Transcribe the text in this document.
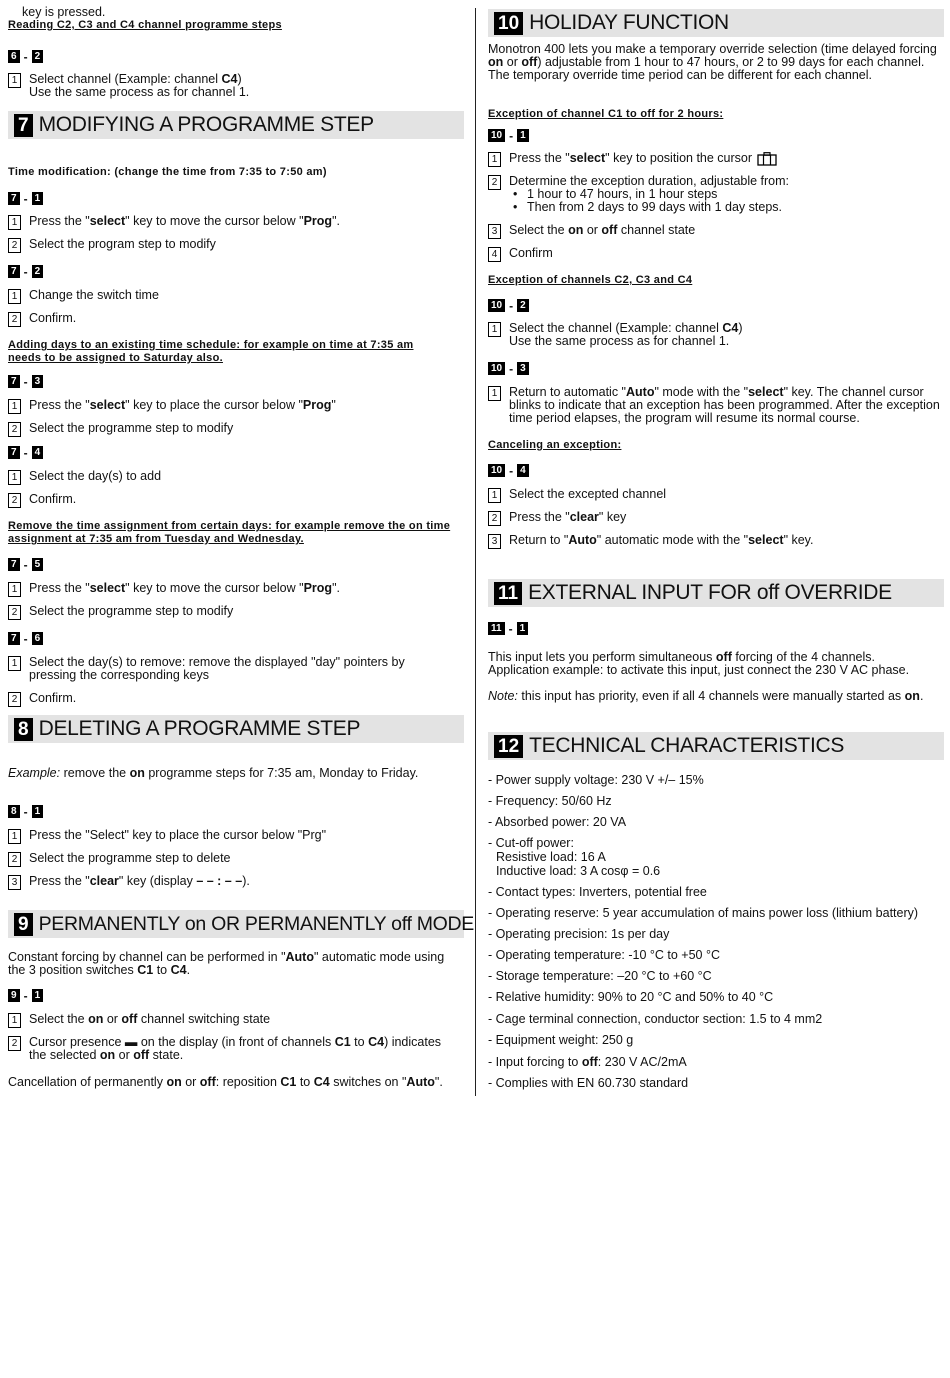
key is pressed.
Reading C2, C3 and C4 channel programme steps
6 - 2
1 Select channel (Example: channel C4)
Use the same process as for channel 1.
7 MODIFYING A PROGRAMME STEP
Time modification: (change the time from 7:35 to 7:50 am)
7 - 1
1 Press the "select" key to move the cursor below "Prog".
2 Select the program step to modify
7 - 2
1 Change the switch time
2 Confirm.
Adding days to an existing time schedule: for example on time at 7:35 am needs to be assigned to Saturday also.
7 - 3
1 Press the "select" key to place the cursor below "Prog"
2 Select the programme step to modify
7 - 4
1 Select the day(s) to add
2 Confirm.
Remove the time assignment from certain days: for example remove the on time assignment at 7:35 am from Tuesday and Wednesday.
7 - 5
1 Press the "select" key to move the cursor below "Prog".
2 Select the programme step to modify
7 - 6
1 Select the day(s) to remove: remove the displayed "day" pointers by pressing the corresponding keys
2 Confirm.
8 DELETING A PROGRAMME STEP
Example: remove the on programme steps for 7:35 am, Monday to Friday.
8 - 1
1 Press the "Select" key to place the cursor below "Prg"
2 Select the programme step to delete
3 Press the "clear" key (display – – : – –).
9 PERMANENTLY on OR PERMANENTLY off MODE
Constant forcing by channel can be performed in "Auto" automatic mode using the 3 position switches C1 to C4.
9 - 1
1 Select the on or off channel switching state
2 Cursor presence ▬ on the display (in front of channels C1 to C4) indicates the selected on or off state.
Cancellation of permanently on or off: reposition C1 to C4 switches on "Auto".
10 HOLIDAY FUNCTION
Monotron 400 lets you make a temporary override selection (time delayed forcing on or off) adjustable from 1 hour to 47 hours, or 2 to 99 days for each channel.
The temporary override time period can be different for each channel.
Exception of channel C1 to off for 2 hours:
10 - 1
1 Press the "select" key to position the cursor
2 Determine the exception duration, adjustable from:
• 1 hour to 47 hours, in 1 hour steps
• Then from 2 days to 99 days with 1 day steps.
3 Select the on or off channel state
4 Confirm
Exception of channels C2, C3 and C4
10 - 2
1 Select the channel (Example: channel C4)
Use the same process as for channel 1.
10 - 3
1 Return to automatic "Auto" mode with the "select" key. The channel cursor blinks to indicate that an exception has been programmed. After the exception time period elapses, the program will resume its normal course.
Canceling an exception:
10 - 4
1 Select the excepted channel
2 Press the "clear" key
3 Return to "Auto" automatic mode with the "select" key.
11 EXTERNAL INPUT FOR off OVERRIDE
11 - 1
This input lets you perform simultaneous off forcing of the 4 channels.
Application example: to activate this input, just connect the 230 V AC phase.
Note: this input has priority, even if all 4 channels were manually started as on.
12 TECHNICAL CHARACTERISTICS
- Power supply voltage: 230 V +/– 15%
- Frequency: 50/60 Hz
- Absorbed power: 20 VA
- Cut-off power:
Resistive load: 16 A
Inductive load: 3 A cosφ = 0.6
- Contact types: Inverters, potential free
- Operating reserve: 5 year accumulation of mains power loss (lithium battery)
- Operating precision: 1s per day
- Operating temperature: -10 °C to +50 °C
- Storage temperature: –20 °C to +60 °C
- Relative humidity: 90% to 20 °C and 50% to 40 °C
- Cage terminal connection, conductor section: 1.5 to 4 mm2
- Equipment weight: 250 g
- Input forcing to off: 230 V AC/2mA
- Complies with EN 60.730 standard
